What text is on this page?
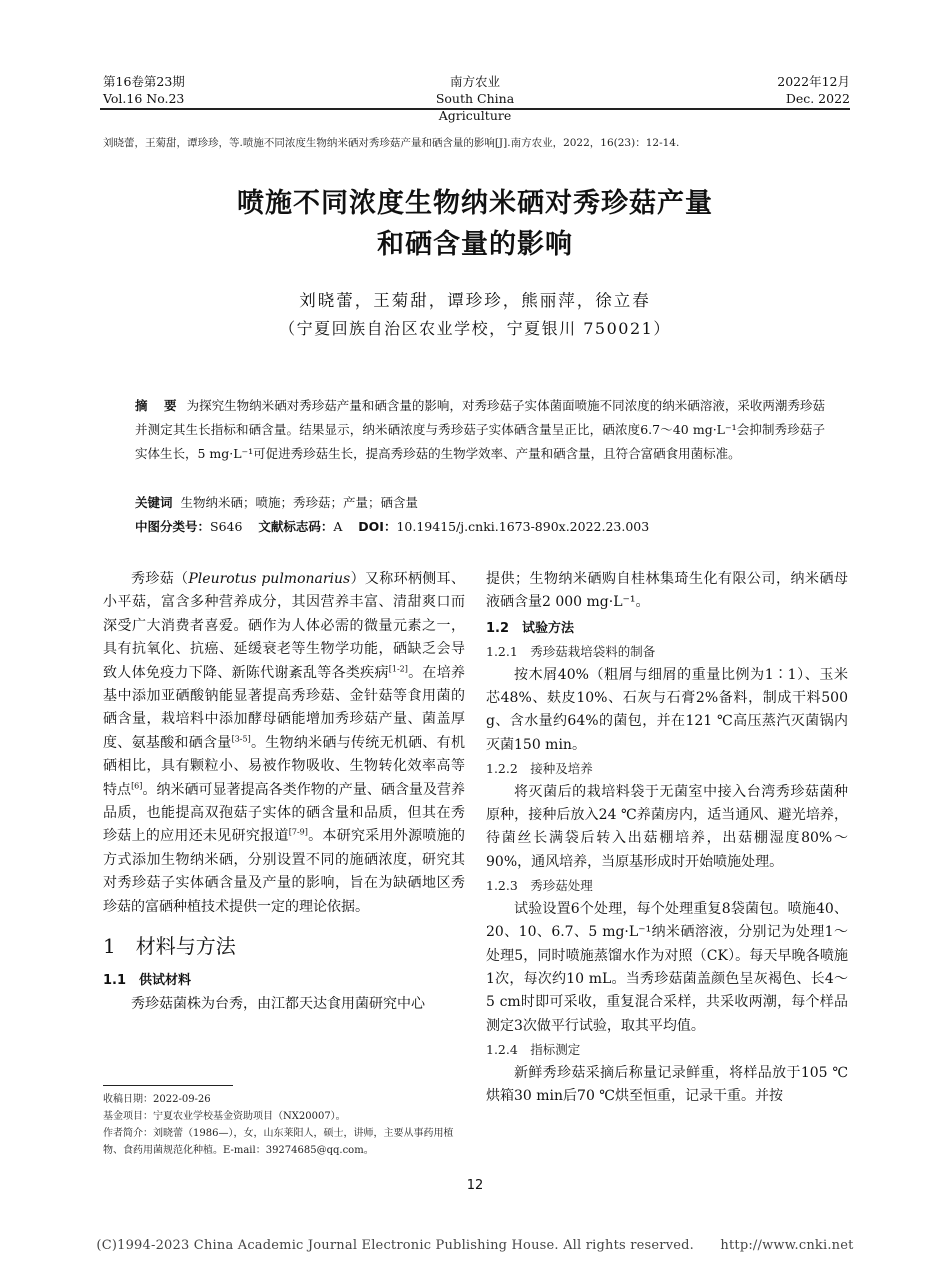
第16卷第23期
Vol.16 No.23
南方农业
South China Agriculture
2022年12月
Dec. 2022
刘晓蕾，王菊甜，谭珍珍，等.喷施不同浓度生物纳米硒对秀珍菇产量和硒含量的影响[J].南方农业，2022，16(23)：12-14.
喷施不同浓度生物纳米硒对秀珍菇产量
和硒含量的影响
刘晓蕾，王菊甜，谭珍珍，熊丽萍，徐立春
（宁夏回族自治区农业学校，宁夏银川 750021）
摘　要 为探究生物纳米硒对秀珍菇产量和硒含量的影响，对秀珍菇子实体菌面喷施不同浓度的纳米硒溶液，采收两潮秀珍菇并测定其生长指标和硒含量。结果显示，纳米硒浓度与秀珍菇子实体硒含量呈正比，硒浓度6.7～40 mg·L⁻¹会抑制秀珍菇子实体生长，5 mg·L⁻¹可促进秀珍菇生长，提高秀珍菇的生物学效率、产量和硒含量，且符合富硒食用菌标准。
关键词 生物纳米硒；喷施；秀珍菇；产量；硒含量
中图分类号：S646 文献标志码：A DOI：10.19415/j.cnki.1673-890x.2022.23.003

秀珍菇（Pleurotus pulmonarius）又称环柄侧耳、小平菇，富含多种营养成分，其因营养丰富、清甜爽口而深受广大消费者喜爱。硒作为人体必需的微量元素之一，具有抗氧化、抗癌、延缓衰老等生物学功能，硒缺乏会导致人体免疫力下降、新陈代谢紊乱等各类疾病[1-2]。在培养基中添加亚硒酸钠能显著提高秀珍菇、金针菇等食用菌的硒含量，栽培料中添加酵母硒能增加秀珍菇产量、菌盖厚度、氨基酸和硒含量[3-5]。生物纳米硒与传统无机硒、有机硒相比，具有颗粒小、易被作物吸收、生物转化效率高等特点[6]。纳米硒可显著提高各类作物的产量、硒含量及营养品质，也能提高双孢菇子实体的硒含量和品质，但其在秀珍菇上的应用还未见研究报道[7-9]。本研究采用外源喷施的方式添加生物纳米硒，分别设置不同的施硒浓度，研究其对秀珍菇子实体硒含量及产量的影响，旨在为缺硒地区秀珍菇的富硒种植技术提供一定的理论依据。

1　材料与方法
1.1　供试材料

秀珍菇菌株为台秀，由江都天达食用菌研究中心

提供；生物纳米硒购自桂林集琦生化有限公司，纳米硒母液硒含量2 000 mg·L⁻¹。

1.2　试验方法
1.2.1　秀珍菇栽培袋料的制备

按木屑40%（粗屑与细屑的重量比例为1∶1）、玉米芯48%、麸皮10%、石灰与石膏2%备料，制成干料500 g、含水量约64%的菌包，并在121 ℃高压蒸汽灭菌锅内灭菌150 min。

1.2.2　接种及培养

将灭菌后的栽培料袋于无菌室中接入台湾秀珍菇菌种原种，接种后放入24 ℃养菌房内，适当通风、避光培养，待菌丝长满袋后转入出菇棚培养，出菇棚湿度80%～90%，通风培养，当原基形成时开始喷施处理。

1.2.3　秀珍菇处理

试验设置6个处理，每个处理重复8袋菌包。喷施40、20、10、6.7、5 mg·L⁻¹纳米硒溶液，分别记为处理1～处理5，同时喷施蒸馏水作为对照（CK）。每天早晚各喷施1次，每次约10 mL。当秀珍菇菌盖颜色呈灰褐色、长4～5 cm时即可采收，重复混合采样，共采收两潮，每个样品测定3次做平行试验，取其平均值。

1.2.4　指标测定

新鲜秀珍菇采摘后称量记录鲜重，将样品放于105 ℃烘箱30 min后70 ℃烘至恒重，记录干重。并按

收稿日期：2022-09-26
基金项目：宁夏农业学校基金资助项目（NX20007）。
作者简介：刘晓蕾（1986—），女，山东莱阳人，硕士，讲师，主要从事药用植物、食药用菌规范化种植。E-mail：39274685@qq.com。
12
(C)1994-2023 China Academic Journal Electronic Publishing House. All rights reserved.　　http://www.cnki.net
